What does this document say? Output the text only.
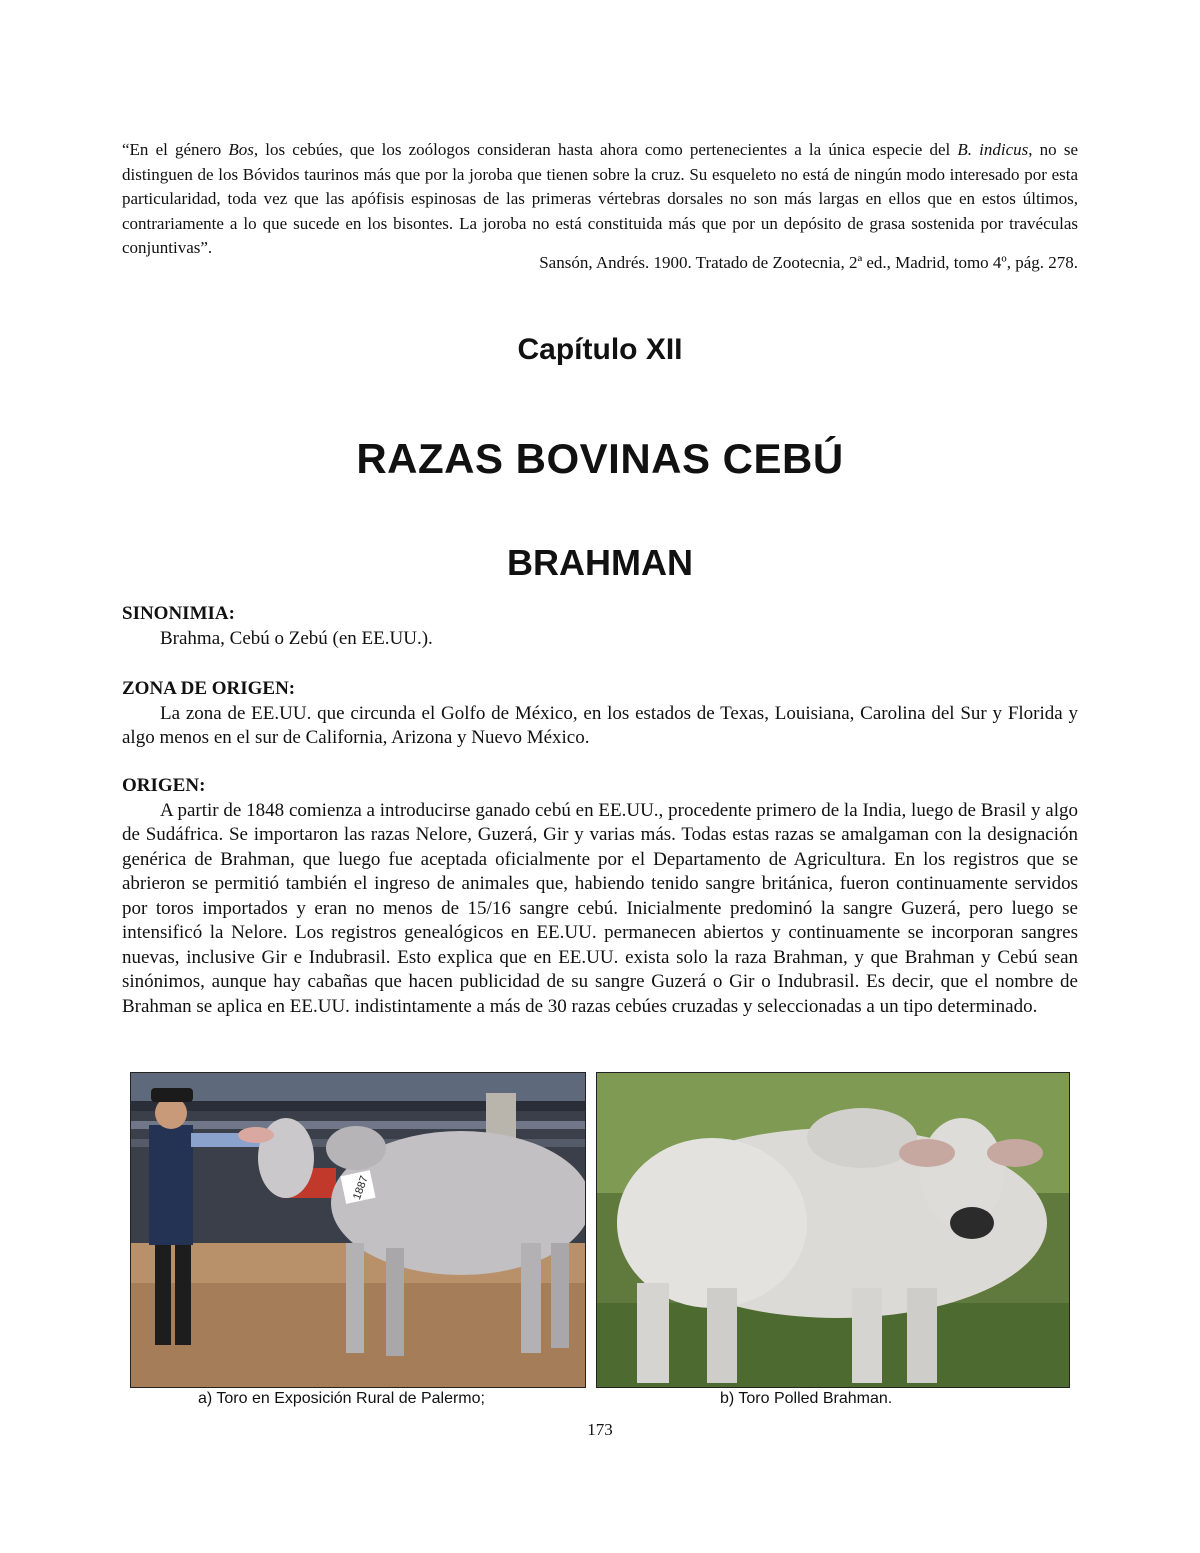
“En el género Bos, los cebúes, que los zoólogos consideran hasta ahora como pertenecientes a la única especie del B. indicus, no se distinguen de los Bóvidos taurinos más que por la joroba que tienen sobre la cruz. Su esqueleto no está de ningún modo interesado por esta particularidad, toda vez que las apófisis espinosas de las primeras vértebras dorsales no son más largas en ellos que en estos últimos, contrariamente a lo que sucede en los bisontes. La joroba no está constituida más que por un depósito de grasa sostenida por travéculas conjuntivas”.
Sansón, Andrés. 1900. Tratado de Zootecnia, 2ª ed., Madrid, tomo 4º, pág. 278.
Capítulo XII
RAZAS BOVINAS CEBÚ
BRAHMAN
SINONIMIA:
Brahma, Cebú o Zebú (en EE.UU.).
ZONA DE ORIGEN:
La zona de EE.UU. que circunda el Golfo de México, en los estados de Texas, Louisiana, Carolina del Sur y Florida y algo menos en el sur de California, Arizona y Nuevo México.
ORIGEN:
A partir de 1848 comienza a introducirse ganado cebú en EE.UU., procedente primero de la India, luego de Brasil y algo de Sudáfrica. Se importaron las razas Nelore, Guzerá, Gir y varias más. Todas estas razas se amalgaman con la designación genérica de Brahman, que luego fue aceptada oficialmente por el Departamento de Agricultura. En los registros que se abrieron se permitió también el ingreso de animales que, habiendo tenido sangre británica, fueron continuamente servidos por toros importados y eran no menos de 15/16 sangre cebú. Inicialmente predominó la sangre Guzerá, pero luego se intensificó la Nelore. Los registros genealógicos en EE.UU. permanecen abiertos y continuamente se incorporan sangres nuevas, inclusive Gir e Indubrasil. Esto explica que en EE.UU. exista solo la raza Brahman, y que Brahman y Cebú sean sinónimos, aunque hay cabañas que hacen publicidad de su sangre Guzerá o Gir o Indubrasil. Es decir, que el nombre de Brahman se aplica en EE.UU. indistintamente a más de 30 razas cebúes cruzadas y seleccionadas a un tipo determinado.
1887
a) Toro en Exposición Rural de Palermo;	b) Toro Polled Brahman.
173
